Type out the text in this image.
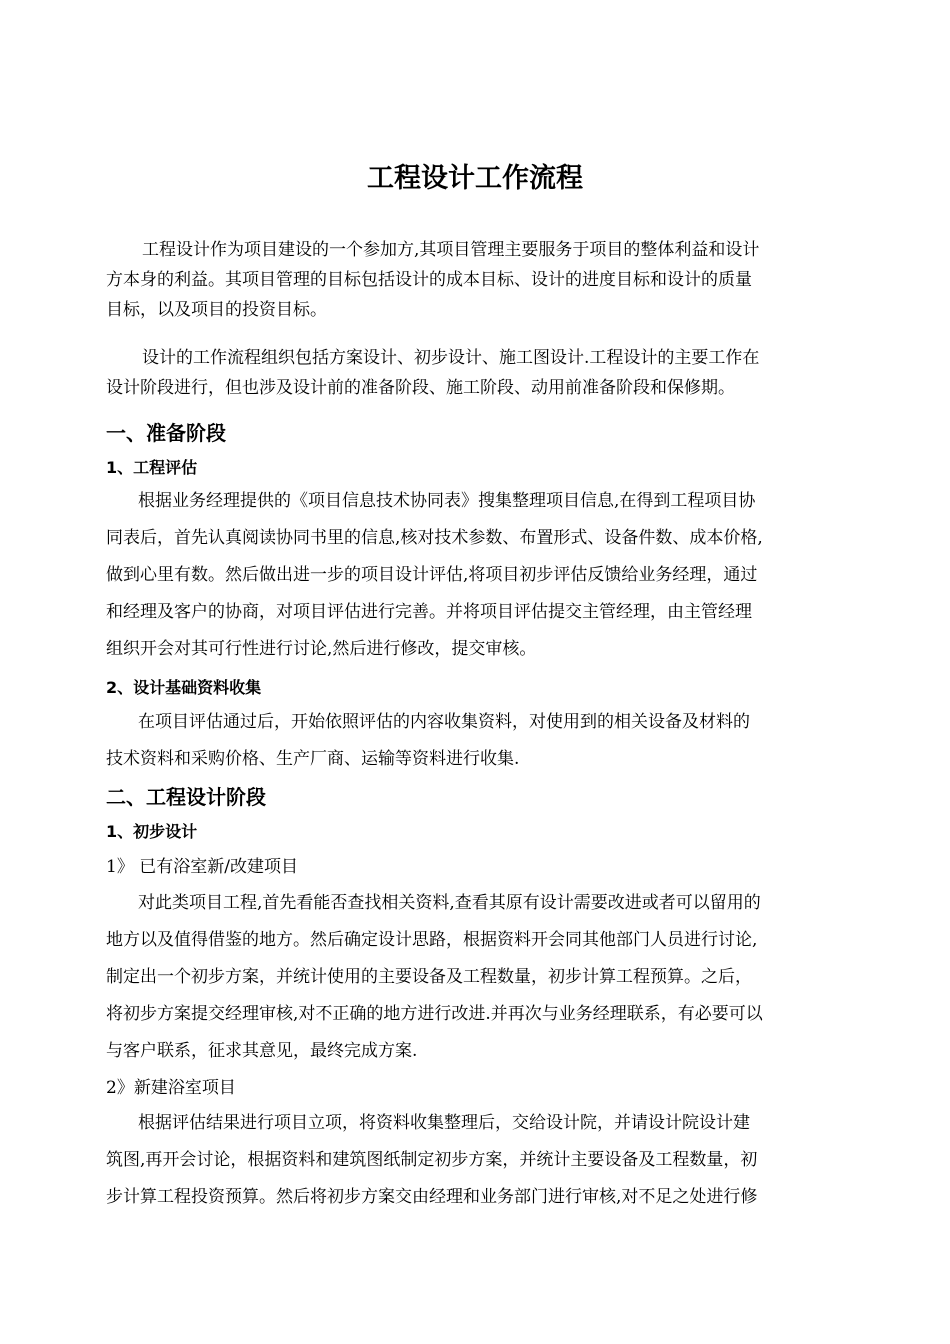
工程设计工作流程
工程设计作为项目建设的一个参加方,其项目管理主要服务于项目的整体利益和设计
方本身的利益。其项目管理的目标包括设计的成本目标、设计的进度目标和设计的质量
目标，以及项目的投资目标。
设计的工作流程组织包括方案设计、初步设计、施工图设计.工程设计的主要工作在
设计阶段进行，但也涉及设计前的准备阶段、施工阶段、动用前准备阶段和保修期。
一、准备阶段
1、工程评估
根据业务经理提供的《项目信息技术协同表》搜集整理项目信息,在得到工程项目协
同表后，首先认真阅读协同书里的信息,核对技术参数、布置形式、设备件数、成本价格,
做到心里有数。然后做出进一步的项目设计评估,将项目初步评估反馈给业务经理，通过
和经理及客户的协商，对项目评估进行完善。并将项目评估提交主管经理，由主管经理
组织开会对其可行性进行讨论,然后进行修改，提交审核。
2、设计基础资料收集
在项目评估通过后，开始依照评估的内容收集资料，对使用到的相关设备及材料的
技术资料和采购价格、生产厂商、运输等资料进行收集.
二、工程设计阶段
1、初步设计
1》 已有浴室新/改建项目
对此类项目工程,首先看能否查找相关资料,查看其原有设计需要改进或者可以留用的
地方以及值得借鉴的地方。然后确定设计思路，根据资料开会同其他部门人员进行讨论,
制定出一个初步方案，并统计使用的主要设备及工程数量，初步计算工程预算。之后，
将初步方案提交经理审核,对不正确的地方进行改进.并再次与业务经理联系，有必要可以
与客户联系，征求其意见，最终完成方案.
2》新建浴室项目
根据评估结果进行项目立项，将资料收集整理后，交给设计院，并请设计院设计建
筑图,再开会讨论，根据资料和建筑图纸制定初步方案，并统计主要设备及工程数量，初
步计算工程投资预算。然后将初步方案交由经理和业务部门进行审核,对不足之处进行修
